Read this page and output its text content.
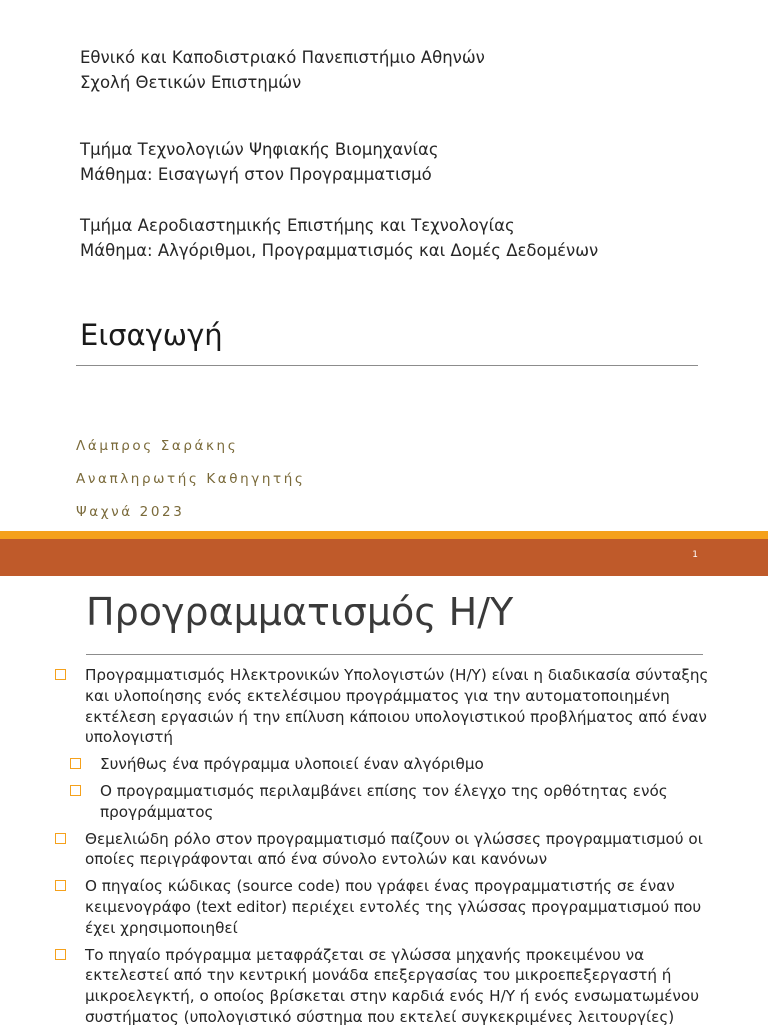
Εθνικό και Καποδιστριακό Πανεπιστήμιο Αθηνών
Σχολή Θετικών Επιστημών
Τμήμα Τεχνολογιών Ψηφιακής Βιομηχανίας
Μάθημα: Εισαγωγή στον Προγραμματισμό
Τμήμα Αεροδιαστημικής Επιστήμης και Τεχνολογίας
Μάθημα: Αλγόριθμοι, Προγραμματισμός και Δομές Δεδομένων
Εισαγωγή
Λάμπρος Σαράκης
Αναπληρωτής Καθηγητής
Ψαχνά 2023
1
Προγραμματισμός Η/Υ
Προγραμματισμός Ηλεκτρονικών Υπολογιστών (Η/Υ) είναι η διαδικασία σύνταξης και υλοποίησης ενός εκτελέσιμου προγράμματος για την αυτοματοποιημένη εκτέλεση εργασιών ή την επίλυση κάποιου υπολογιστικού προβλήματος από έναν υπολογιστή
Συνήθως ένα πρόγραμμα υλοποιεί έναν αλγόριθμο
Ο προγραμματισμός περιλαμβάνει επίσης τον έλεγχο της ορθότητας ενός προγράμματος
Θεμελιώδη ρόλο στον προγραμματισμό παίζουν οι γλώσσες προγραμματισμού οι οποίες περιγράφονται από ένα σύνολο εντολών και κανόνων
Ο πηγαίος κώδικας (source code) που γράφει ένας προγραμματιστής σε έναν κειμενογράφο (text editor) περιέχει εντολές της γλώσσας προγραμματισμού που έχει χρησιμοποιηθεί
Το πηγαίο πρόγραμμα μεταφράζεται σε γλώσσα μηχανής προκειμένου να εκτελεστεί από την κεντρική μονάδα επεξεργασίας του μικροεπεξεργαστή ή μικροελεγκτή, ο οποίος βρίσκεται στην καρδιά ενός Η/Υ ή ενός ενσωματωμένου συστήματος (υπολογιστικό σύστημα που εκτελεί συγκεκριμένες λειτουργίες)
